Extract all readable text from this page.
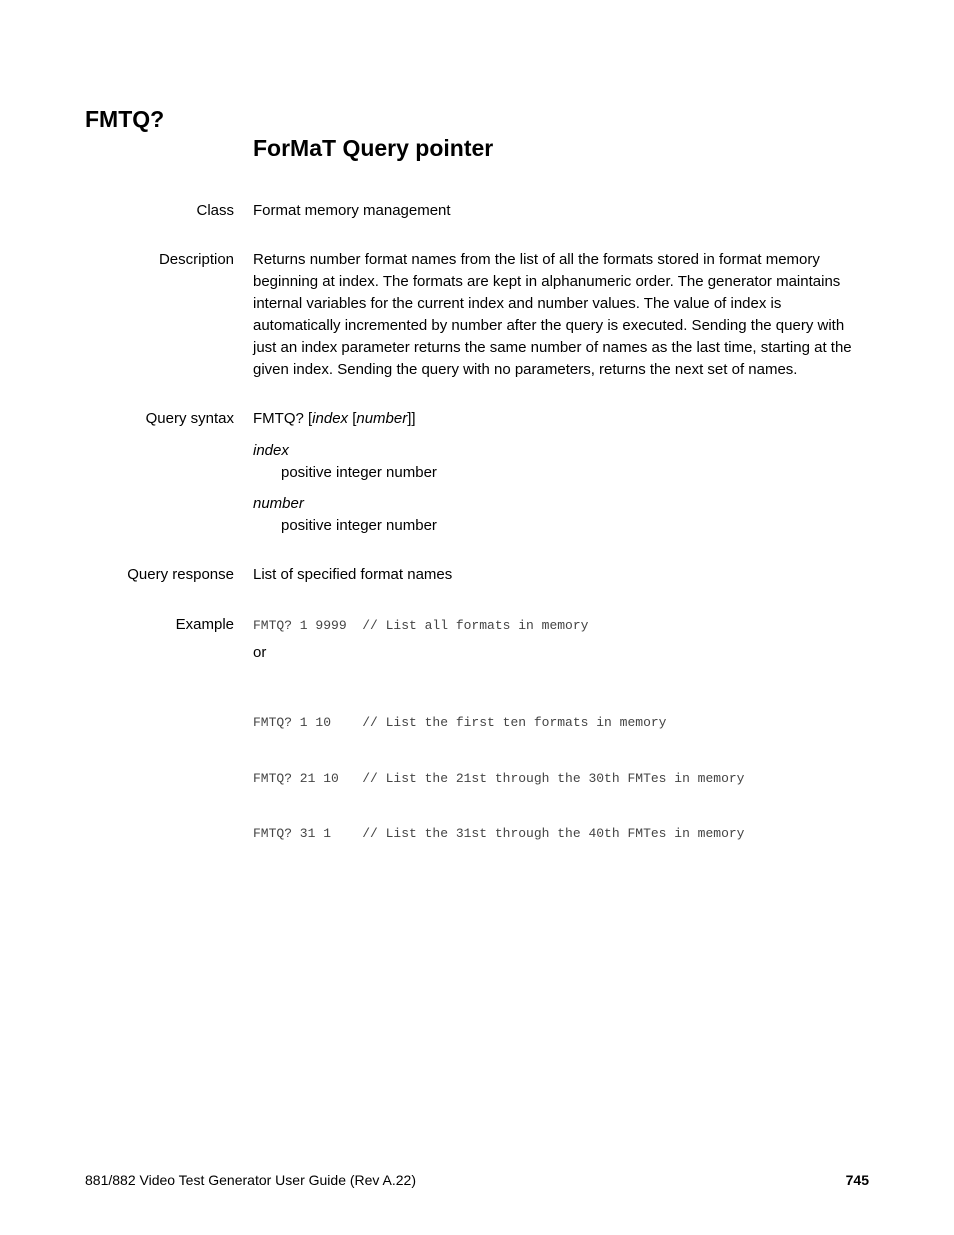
FMTQ?
ForMaT Query pointer
Class Format memory management
Description Returns number format names from the list of all the formats stored in format memory
beginning at index. The formats are kept in alphanumeric order. The generator maintains
internal variables for the current index and number values. The value of index is
automatically incremented by number after the query is executed. Sending the query with
just an index parameter returns the same number of names as the last time, starting at the
given index. Sending the query with no parameters, returns the next set of names.
Query syntax FMTQ? [index [number]]
index
positive integer number
number
positive integer number
Query response List of specified format names
Example FMTQ? 1 9999  // List all formats in memory
or

FMTQ? 1 10    // List the first ten formats in memory

FMTQ? 21 10   // List the 21st through the 30th FMTes in memory

FMTQ? 31 1    // List the 31st through the 40th FMTes in memory

881/882 Video Test Generator User Guide (Rev A.22)	745
